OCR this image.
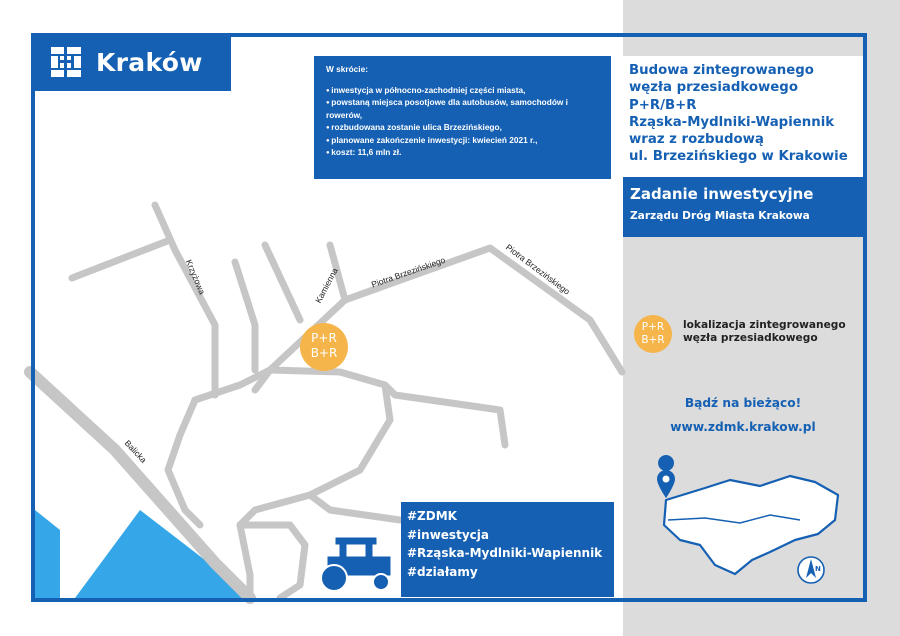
Kraków	W skrócie:
● inwestycja w północno-zachodniej części miasta,
● powstaną miejsca posotjowe dla autobusów, samochodów i rowerów,
● rozbudowana zostanie ulica Brzezińskiego,
● planowane zakończenie inwestycji: kwiecień 2021 r.,
● koszt: 11,6 mln zł.
Budowa zintegrowanego
węzła przesiadkowego
P+R/B+R
Rząska-Mydlniki-Wapiennik
wraz z rozbudową
ul. Brzezińskiego w Krakowie
Zadanie inwestycyjne
Zarządu Dróg Miasta Krakowa
P+R
B+R
lokalizacja zintegrowanego
węzła przesiadkowego
P+R
B+R
Krzyżowa	Kamienna	Piotra Brzezińskiego	Piotra Brzezińskiego
Balicka
N
Bądź na bieżąco!
www.zdmk.krakow.pl
#ZDMK
#inwestycja
#Rząska-Mydlniki-Wapiennik
#działamy
